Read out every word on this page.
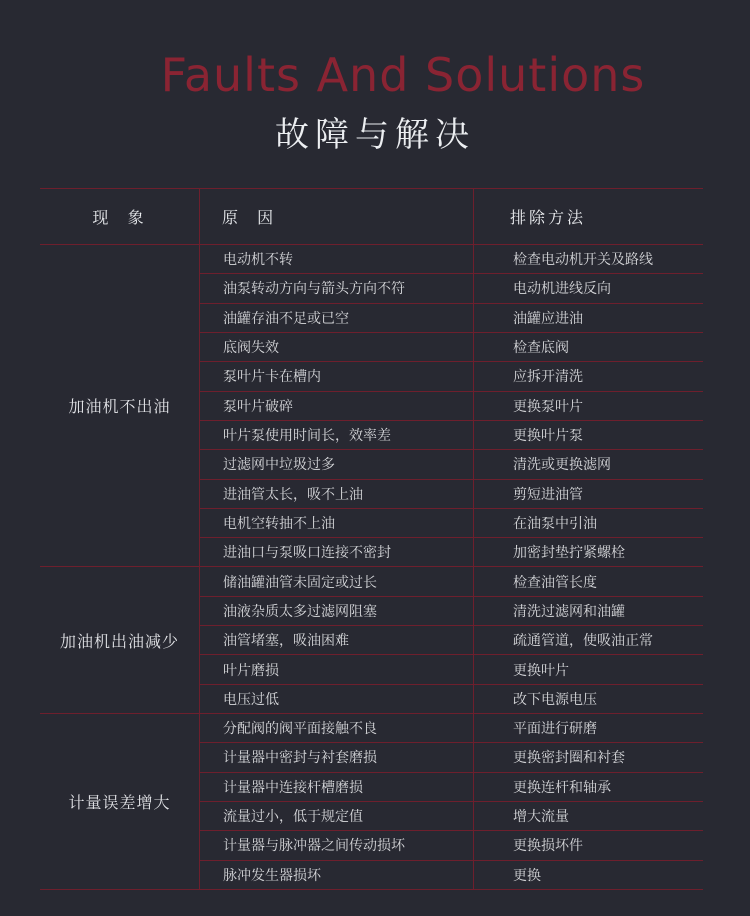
Faults And Solutions
故障与解决
现  象	原  因	排除方法
加油机不出油
电动机不转	检查电动机开关及路线
油泵转动方向与箭头方向不符	电动机进线反向
油罐存油不足或已空	油罐应进油
底阀失效	检查底阀
泵叶片卡在槽内	应拆开清洗
泵叶片破碎	更换泵叶片
叶片泵使用时间长，效率差	更换叶片泵
过滤网中垃圾过多	清洗或更换滤网
进油管太长，吸不上油	剪短进油管
电机空转抽不上油	在油泵中引油
进油口与泵吸口连接不密封	加密封垫拧紧螺栓
加油机出油减少
储油罐油管未固定或过长	检查油管长度
油液杂质太多过滤网阻塞	清洗过滤网和油罐
油管堵塞，吸油困难	疏通管道，使吸油正常
叶片磨损	更换叶片
电压过低	改下电源电压
计量误差增大
分配阀的阀平面接触不良	平面进行研磨
计量器中密封与衬套磨损	更换密封圈和衬套
计量器中连接杆槽磨损	更换连杆和轴承
流量过小，低于规定值	增大流量
计量器与脉冲器之间传动损坏	更换损坏件
脉冲发生器损坏	更换
